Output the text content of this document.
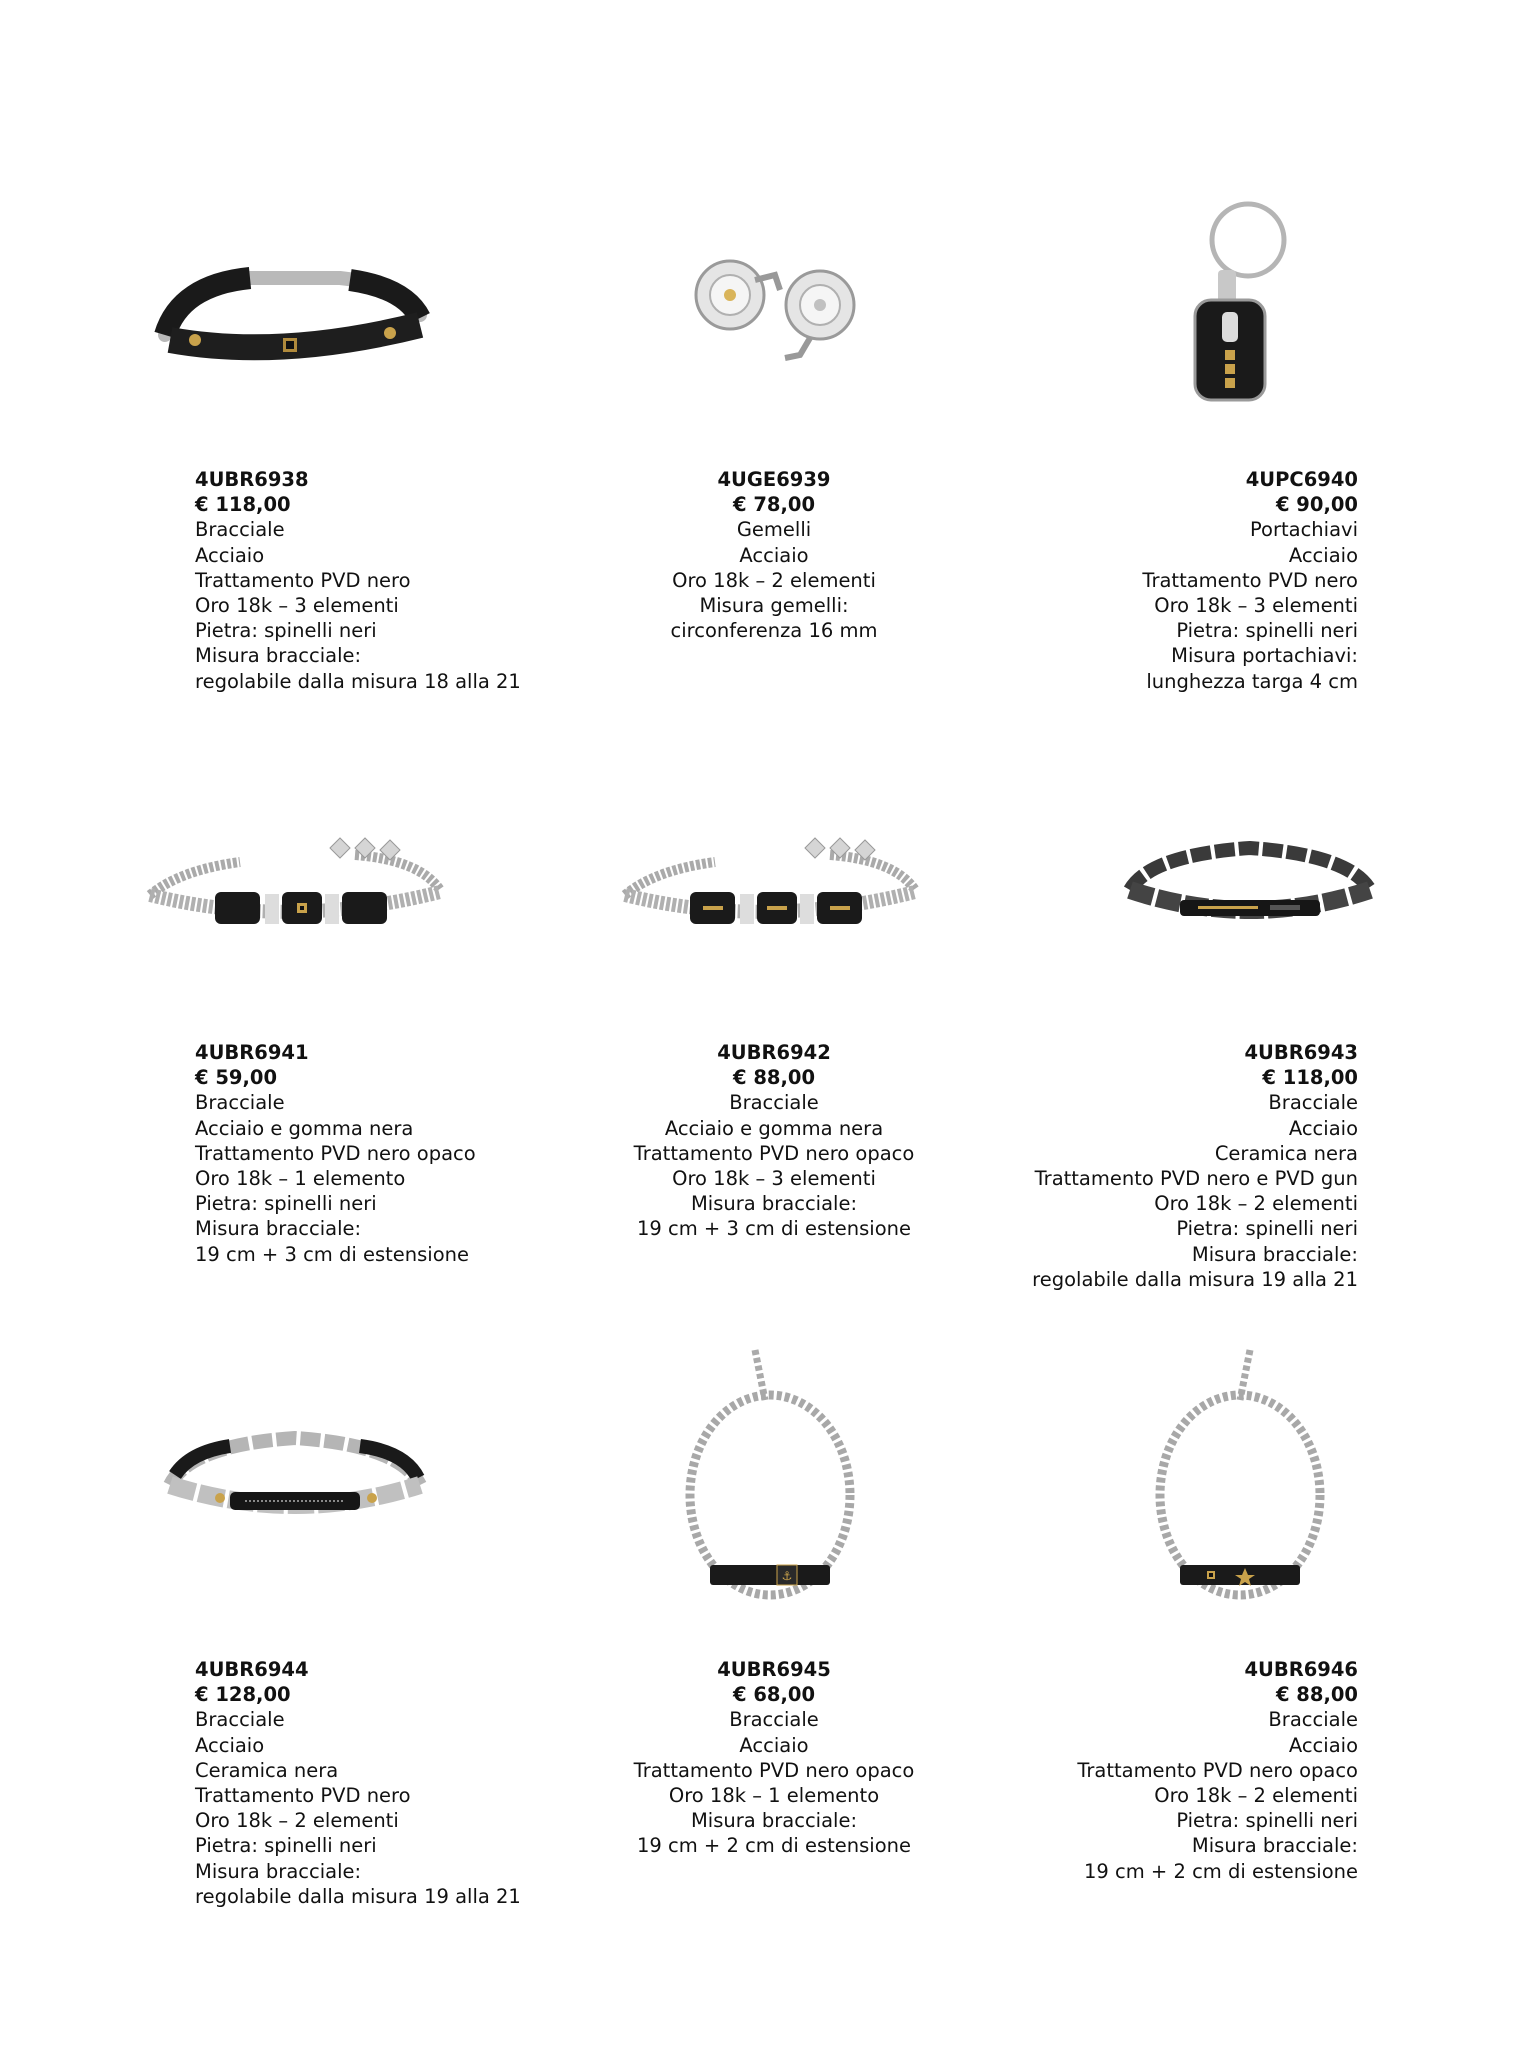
4UBR6938
€ 118,00
Bracciale
Acciaio
Trattamento PVD nero
Oro 18k – 3 elementi
Pietra: spinelli neri
Misura bracciale:
regolabile dalla misura 18 alla 21
4UGE6939
€ 78,00
Gemelli
Acciaio
Oro 18k – 2 elementi
Misura gemelli:
circonferenza 16 mm
4UPC6940
€ 90,00
Portachiavi
Acciaio
Trattamento PVD nero
Oro 18k – 3 elementi
Pietra: spinelli neri
Misura portachiavi:
lunghezza targa 4 cm
4UBR6941
€ 59,00
Bracciale
Acciaio e gomma nera
Trattamento PVD nero opaco
Oro 18k – 1 elemento
Pietra: spinelli neri
Misura bracciale:
19 cm + 3 cm di estensione
4UBR6942
€ 88,00
Bracciale
Acciaio e gomma nera
Trattamento PVD nero opaco
Oro 18k – 3 elementi
Misura bracciale:
19 cm + 3 cm di estensione
4UBR6943
€ 118,00
Bracciale
Acciaio
Ceramica nera
Trattamento PVD nero e PVD gun
Oro 18k – 2 elementi
Pietra: spinelli neri
Misura bracciale:
regolabile dalla misura 19 alla 21
⚓
4UBR6944
€ 128,00
Bracciale
Acciaio
Ceramica nera
Trattamento PVD nero
Oro 18k – 2 elementi
Pietra: spinelli neri
Misura bracciale:
regolabile dalla misura 19 alla 21
4UBR6945
€ 68,00
Bracciale
Acciaio
Trattamento PVD nero opaco
Oro 18k – 1 elemento
Misura bracciale:
19 cm + 2 cm di estensione
4UBR6946
€ 88,00
Bracciale
Acciaio
Trattamento PVD nero opaco
Oro 18k – 2 elementi
Pietra: spinelli neri
Misura bracciale:
19 cm + 2 cm di estensione
